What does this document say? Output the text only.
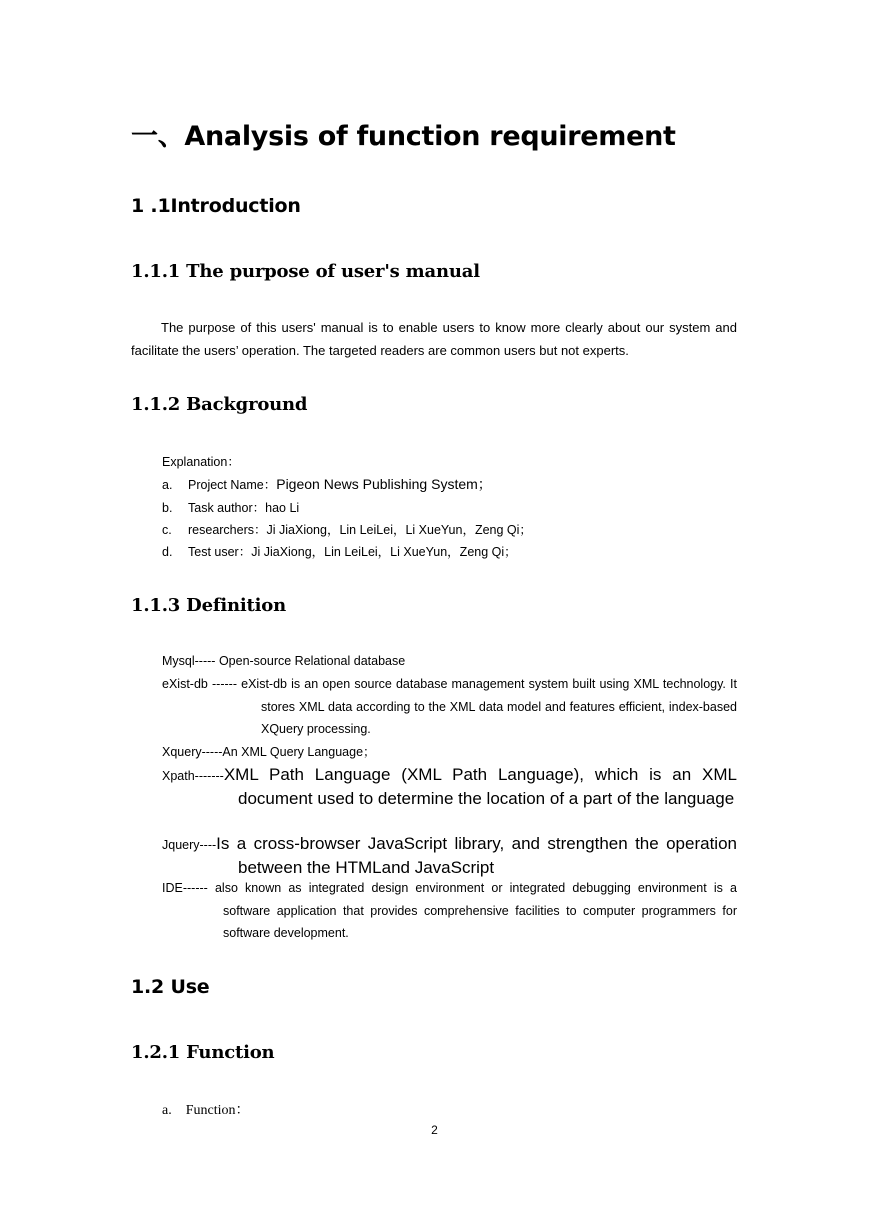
一、Analysis of function requirement
1 .1Introduction
1.1.1 The purpose of user's manual
The purpose of this users' manual is to enable users to know more clearly about our system and facilitate the users’ operation. The targeted readers are common users but not experts.
1.1.2 Background
Explanation：
a. Project Name：Pigeon News Publishing System；
b. Task author：hao Li
c. researchers：Ji JiaXiong，Lin LeiLei，Li XueYun，Zeng Qi；
d. Test user：Ji JiaXiong，Lin LeiLei，Li XueYun，Zeng Qi；
1.1.3 Definition
Mysql----- Open-source Relational database
eXist-db ------ eXist-db is an open source database management system built using XML technology. It stores XML data according to the XML data model and features efficient, index-based XQuery processing.
Xquery-----An XML Query Language；
Xpath-------XML Path Language (XML Path Language), which is an XML document used to determine the location of a part of the language
Jquery----Is a cross-browser JavaScript library, and strengthen the operation between the HTMLand JavaScript
IDE------ also known as integrated design environment or integrated debugging environment is a software application that provides comprehensive facilities to computer programmers for software development.
1.2 Use
1.2.1 Function
a.　Function：
2
